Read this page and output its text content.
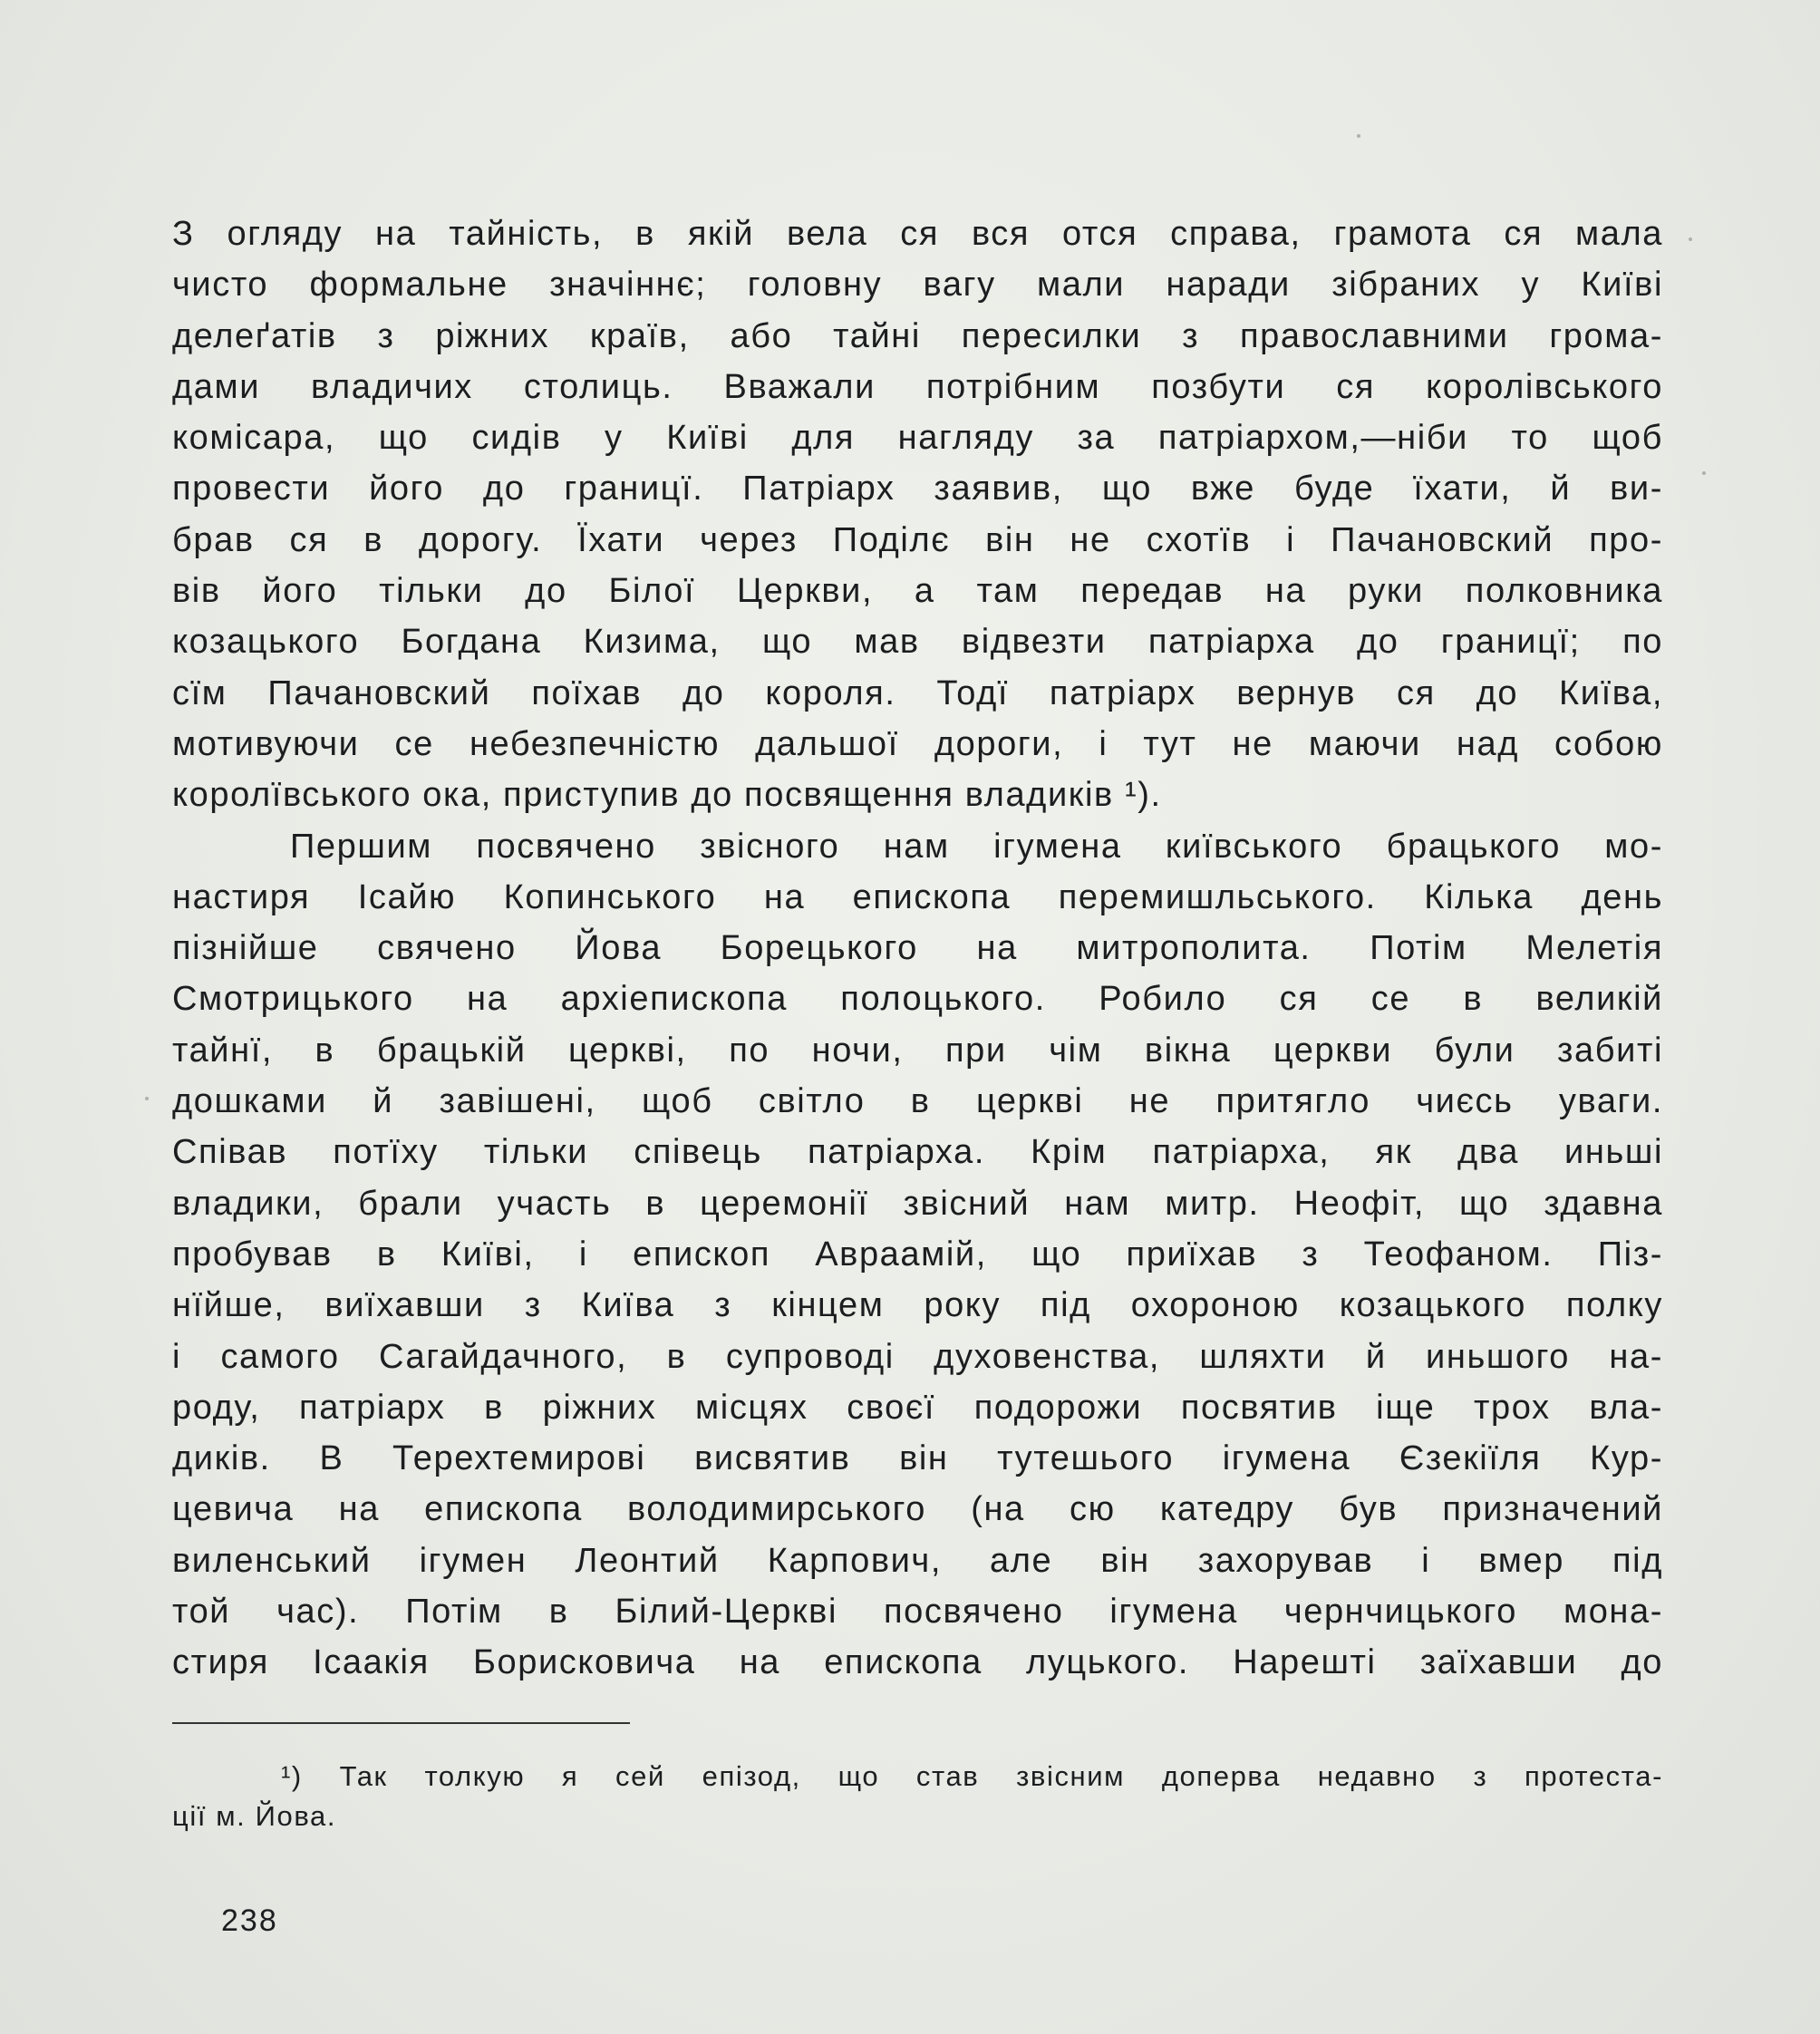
З огляду на тайність, в якій вела ся вся отся справа, грамота ся мала
чисто формальне значіннє; головну вагу мали наради зібраних у Київі
делеґатів з ріжних країв, або тайні пересилки з православними грома-
дами владичих столиць. Вважали потрібним позбути ся королівського
комісара, що сидів у Київі для нагляду за патріархом,—ніби то щоб
провести його до границї. Патріарх заявив, що вже буде їхати, й ви-
брав ся в дорогу. Їхати через Поділє він не схотїв і Пачановский про-
вів його тільки до Білої Церкви, а там передав на руки полковника
козацького Богдана Кизима, що мав відвезти патріарха до границї; по
сїм Пачановский поїхав до короля. Тодї патріарх вернув ся до Київа,
мотивуючи се небезпечністю дальшої дороги, і тут не маючи над собою
королївського ока, приступив до посвящення владиків ¹).
Першим посвячено звісного нам ігумена київського брацького мо-
настиря Ісайю Копинського на епископа перемишльського. Кілька день
пізнійше свячено Йова Борецького на митрополита. Потім Мелетія
Смотрицького на архіепископа полоцького. Робило ся се в великій
тайнї, в брацькій церкві, по ночи, при чім вікна церкви були забиті
дошками й завішені, щоб світло в церкві не притягло чиєсь уваги.
Співав потїху тільки співець патріарха. Крім патріарха, як два иньші
владики, брали участь в церемонії звісний нам митр. Неофіт, що здавна
пробував в Київі, і епископ Авраамій, що приїхав з Теофаном. Піз-
нїйше, виїхавши з Київа з кінцем року під охороною козацького полку
і самого Сагайдачного, в супроводі духовенства, шляхти й иньшого на-
роду, патріарх в ріжних місцях своєї подорожи посвятив іще трох вла-
диків. В Терехтемирові висвятив він тутешього ігумена Єзекіїля Кур-
цевича на епископа володимирського (на сю катедру був призначений
виленський ігумен Леонтий Карпович, але він захорував і вмер під
той час). Потім в Білий-Церкві посвячено ігумена чернчицького мона-
стиря Ісаакія Борисковича на епископа луцького. Нарешті заїхавши до
¹) Так толкую я сей епізод, що став звісним доперва недавно з протеста-
ції м. Йова.
238
